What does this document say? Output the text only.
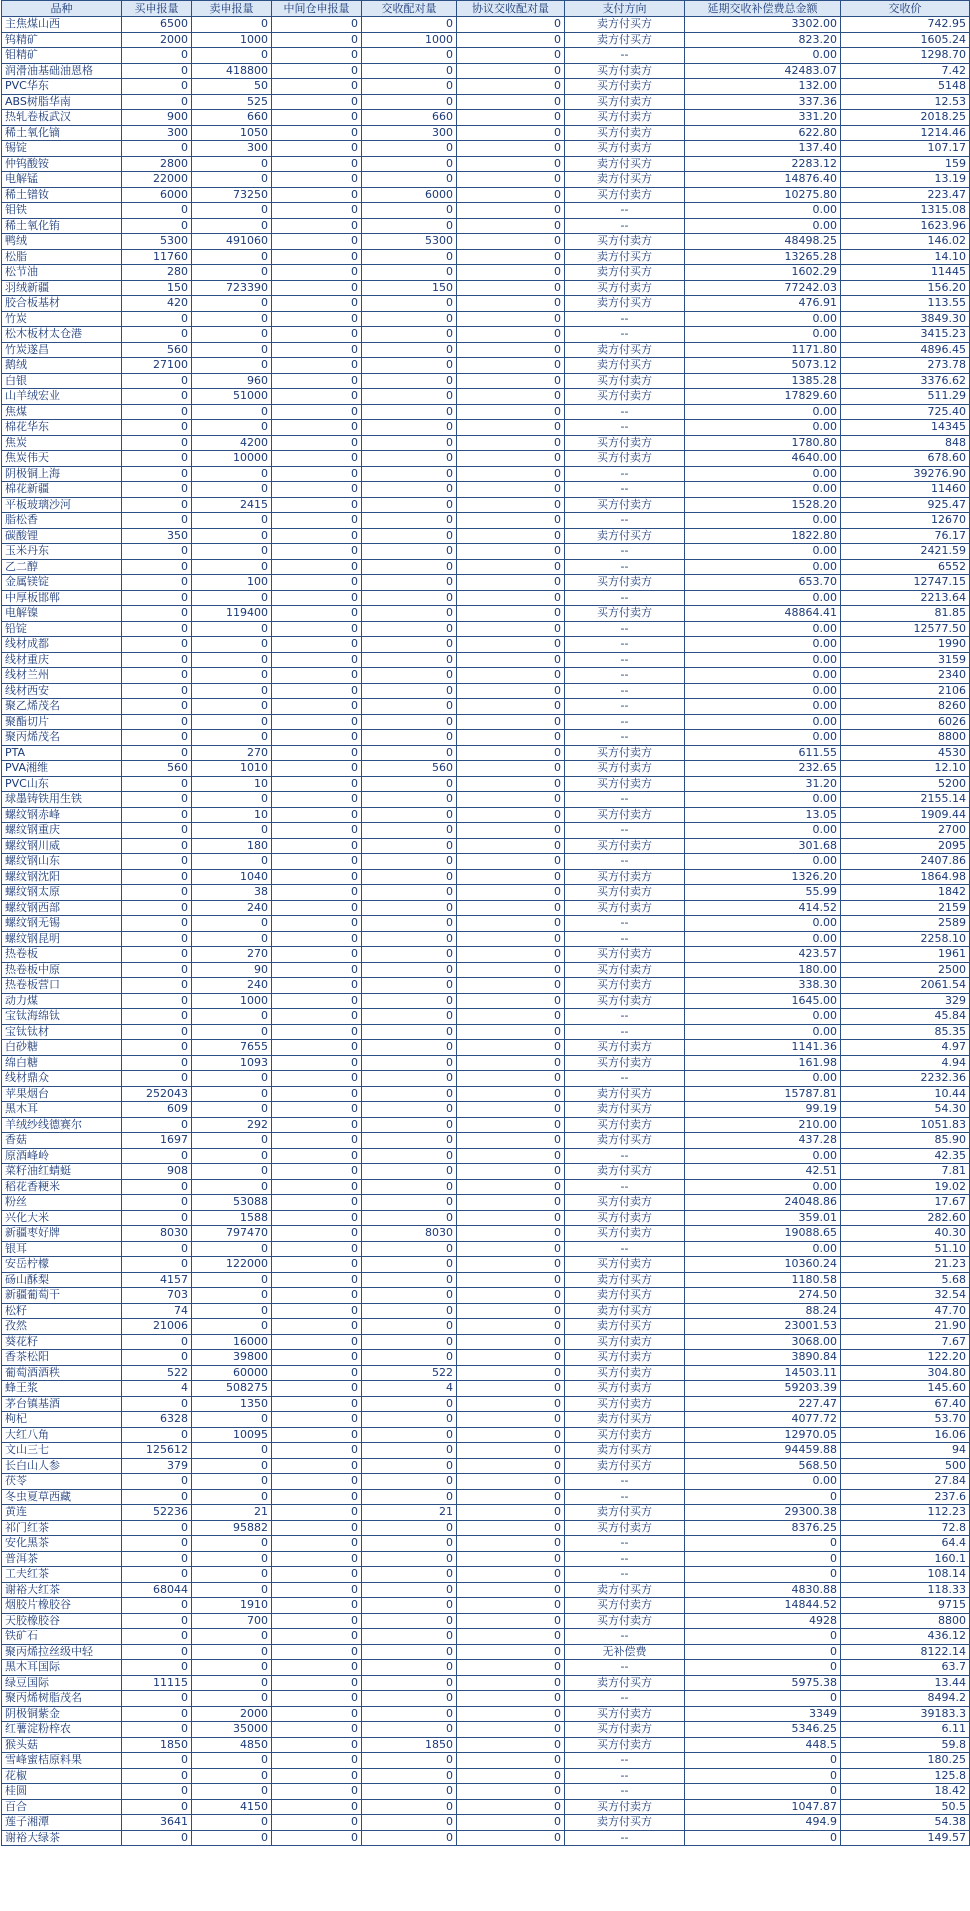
品种	买申报量	卖申报量	中间仓申报量	交收配对量	协议交收配对量	支付方向	延期交收补偿费总金额	交收价
主焦煤山西	6500	0	0	0	0	卖方付买方	3302.00	742.95
钨精矿	2000	1000	0	1000	0	卖方付买方	823.20	1605.24
钼精矿	0	0	0	0	0	--	0.00	1298.70
润滑油基础油恩格	0	418800	0	0	0	买方付卖方	42483.07	7.42
PVC华东	0	50	0	0	0	买方付卖方	132.00	5148
ABS树脂华南	0	525	0	0	0	买方付卖方	337.36	12.53
热轧卷板武汉	900	660	0	660	0	买方付卖方	331.20	2018.25
稀土氧化镝	300	1050	0	300	0	买方付卖方	622.80	1214.46
锡锭	0	300	0	0	0	买方付卖方	137.40	107.17
仲钨酸铵	2800	0	0	0	0	卖方付买方	2283.12	159
电解锰	22000	0	0	0	0	卖方付买方	14876.40	13.19
稀土镨钕	6000	73250	0	6000	0	买方付卖方	10275.80	223.47
钼铁	0	0	0	0	0	--	0.00	1315.08
稀土氧化铕	0	0	0	0	0	--	0.00	1623.96
鸭绒	5300	491060	0	5300	0	买方付卖方	48498.25	146.02
松脂	11760	0	0	0	0	卖方付买方	13265.28	14.10
松节油	280	0	0	0	0	卖方付买方	1602.29	11445
羽绒新疆	150	723390	0	150	0	买方付卖方	77242.03	156.20
胶合板基材	420	0	0	0	0	卖方付买方	476.91	113.55
竹炭	0	0	0	0	0	--	0.00	3849.30
松木板材太仓港	0	0	0	0	0	--	0.00	3415.23
竹炭遂昌	560	0	0	0	0	卖方付买方	1171.80	4896.45
鹅绒	27100	0	0	0	0	卖方付买方	5073.12	273.78
白银	0	960	0	0	0	买方付卖方	1385.28	3376.62
山羊绒宏业	0	51000	0	0	0	买方付卖方	17829.60	511.29
焦煤	0	0	0	0	0	--	0.00	725.40
棉花华东	0	0	0	0	0	--	0.00	14345
焦炭	0	4200	0	0	0	买方付卖方	1780.80	848
焦炭伟天	0	10000	0	0	0	买方付卖方	4640.00	678.60
阴极铜上海	0	0	0	0	0	--	0.00	39276.90
棉花新疆	0	0	0	0	0	--	0.00	11460
平板玻璃沙河	0	2415	0	0	0	买方付卖方	1528.20	925.47
脂松香	0	0	0	0	0	--	0.00	12670
碳酸锂	350	0	0	0	0	卖方付买方	1822.80	76.17
玉米丹东	0	0	0	0	0	--	0.00	2421.59
乙二醇	0	0	0	0	0	--	0.00	6552
金属镁锭	0	100	0	0	0	买方付卖方	653.70	12747.15
中厚板邯郸	0	0	0	0	0	--	0.00	2213.64
电解镍	0	119400	0	0	0	买方付卖方	48864.41	81.85
铅锭	0	0	0	0	0	--	0.00	12577.50
线材成都	0	0	0	0	0	--	0.00	1990
线材重庆	0	0	0	0	0	--	0.00	3159
线材兰州	0	0	0	0	0	--	0.00	2340
线材西安	0	0	0	0	0	--	0.00	2106
聚乙烯茂名	0	0	0	0	0	--	0.00	8260
聚酯切片	0	0	0	0	0	--	0.00	6026
聚丙烯茂名	0	0	0	0	0	--	0.00	8800
PTA	0	270	0	0	0	买方付卖方	611.55	4530
PVA湘维	560	1010	0	560	0	买方付卖方	232.65	12.10
PVC山东	0	10	0	0	0	买方付卖方	31.20	5200
球墨铸铁用生铁	0	0	0	0	0	--	0.00	2155.14
螺纹钢赤峰	0	10	0	0	0	买方付卖方	13.05	1909.44
螺纹钢重庆	0	0	0	0	0	--	0.00	2700
螺纹钢川威	0	180	0	0	0	买方付卖方	301.68	2095
螺纹钢山东	0	0	0	0	0	--	0.00	2407.86
螺纹钢沈阳	0	1040	0	0	0	买方付卖方	1326.20	1864.98
螺纹钢太原	0	38	0	0	0	买方付卖方	55.99	1842
螺纹钢西部	0	240	0	0	0	买方付卖方	414.52	2159
螺纹钢无锡	0	0	0	0	0	--	0.00	2589
螺纹钢昆明	0	0	0	0	0	--	0.00	2258.10
热卷板	0	270	0	0	0	买方付卖方	423.57	1961
热卷板中原	0	90	0	0	0	买方付卖方	180.00	2500
热卷板营口	0	240	0	0	0	买方付卖方	338.30	2061.54
动力煤	0	1000	0	0	0	买方付卖方	1645.00	329
宝钛海绵钛	0	0	0	0	0	--	0.00	45.84
宝钛钛材	0	0	0	0	0	--	0.00	85.35
白砂糖	0	7655	0	0	0	买方付卖方	1141.36	4.97
绵白糖	0	1093	0	0	0	买方付卖方	161.98	4.94
线材鼎众	0	0	0	0	0	--	0.00	2232.36
苹果烟台	252043	0	0	0	0	卖方付买方	15787.81	10.44
黑木耳	609	0	0	0	0	卖方付买方	99.19	54.30
羊绒纱线德赛尔	0	292	0	0	0	买方付卖方	210.00	1051.83
香菇	1697	0	0	0	0	卖方付买方	437.28	85.90
原酒峰岭	0	0	0	0	0	--	0.00	42.35
菜籽油红蜻蜓	908	0	0	0	0	卖方付买方	42.51	7.81
稻花香粳米	0	0	0	0	0	--	0.00	19.02
粉丝	0	53088	0	0	0	买方付卖方	24048.86	17.67
兴化大米	0	1588	0	0	0	买方付卖方	359.01	282.60
新疆枣好牌	8030	797470	0	8030	0	买方付卖方	19088.65	40.30
银耳	0	0	0	0	0	--	0.00	51.10
安岳柠檬	0	122000	0	0	0	买方付卖方	10360.24	21.23
砀山酥梨	4157	0	0	0	0	卖方付买方	1180.58	5.68
新疆葡萄干	703	0	0	0	0	卖方付买方	274.50	32.54
松籽	74	0	0	0	0	卖方付买方	88.24	47.70
孜然	21006	0	0	0	0	卖方付买方	23001.53	21.90
葵花籽	0	16000	0	0	0	买方付卖方	3068.00	7.67
香茶松阳	0	39800	0	0	0	买方付卖方	3890.84	122.20
葡萄酒酒秩	522	60000	0	522	0	买方付卖方	14503.11	304.80
蜂王浆	4	508275	0	4	0	买方付卖方	59203.39	145.60
茅台镇基酒	0	1350	0	0	0	买方付卖方	227.47	67.40
枸杞	6328	0	0	0	0	卖方付买方	4077.72	53.70
大红八角	0	10095	0	0	0	买方付卖方	12970.05	16.06
文山三七	125612	0	0	0	0	卖方付买方	94459.88	94
长白山人参	379	0	0	0	0	卖方付买方	568.50	500
茯苓	0	0	0	0	0	--	0.00	27.84
冬虫夏草西藏	0	0	0	0	0	--	0	237.6
黄连	52236	21	0	21	0	卖方付买方	29300.38	112.23
祁门红茶	0	95882	0	0	0	买方付卖方	8376.25	72.8
安化黑茶	0	0	0	0	0	--	0	64.4
普洱茶	0	0	0	0	0	--	0	160.1
工夫红茶	0	0	0	0	0	--	0	108.14
谢裕大红茶	68044	0	0	0	0	卖方付买方	4830.88	118.33
烟胶片橡胶谷	0	1910	0	0	0	买方付卖方	14844.52	9715
天胶橡胶谷	0	700	0	0	0	买方付卖方	4928	8800
铁矿石	0	0	0	0	0	--	0	436.12
聚丙烯拉丝级中轻	0	0	0	0	0	无补偿费	0	8122.14
黑木耳国际	0	0	0	0	0	--	0	63.7
绿豆国际	11115	0	0	0	0	卖方付买方	5975.38	13.44
聚丙烯树脂茂名	0	0	0	0	0	--	0	8494.2
阴极铜紫金	0	2000	0	0	0	买方付卖方	3349	39183.3
红薯淀粉梓农	0	35000	0	0	0	买方付卖方	5346.25	6.11
猴头菇	1850	4850	0	1850	0	买方付卖方	448.5	59.8
雪峰蜜桔原料果	0	0	0	0	0	--	0	180.25
花椒	0	0	0	0	0	--	0	125.8
桂圆	0	0	0	0	0	--	0	18.42
百合	0	4150	0	0	0	买方付卖方	1047.87	50.5
莲子湘潭	3641	0	0	0	0	卖方付买方	494.9	54.38
谢裕大绿茶	0	0	0	0	0	--	0	149.57
